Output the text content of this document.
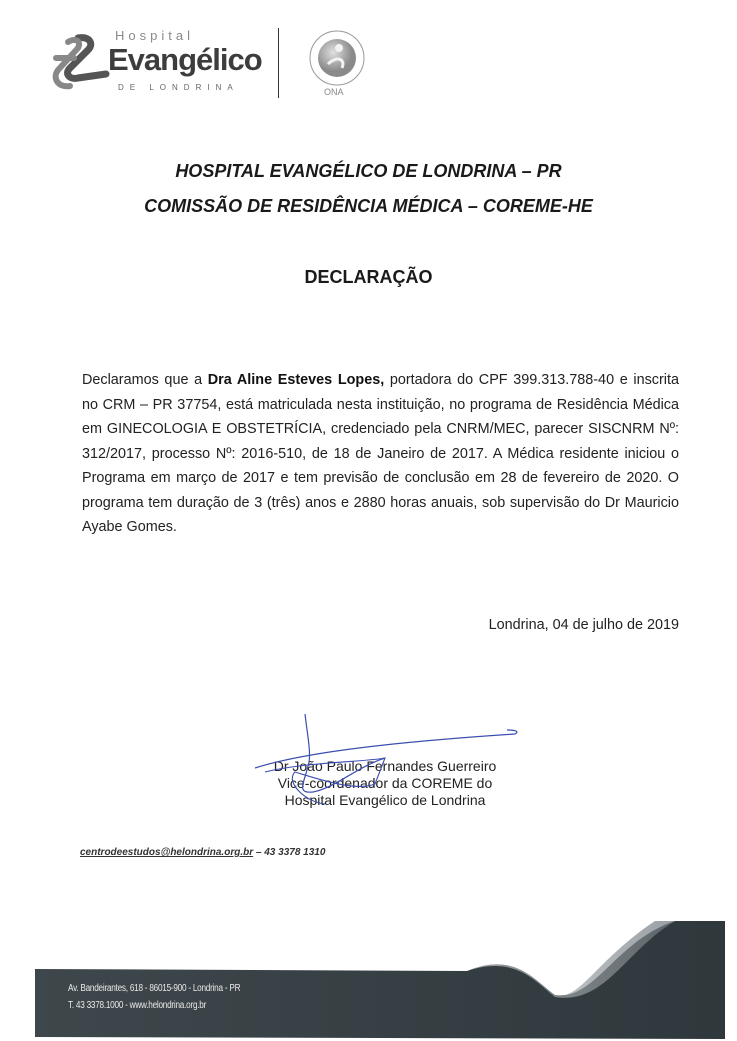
Hospital
Evangélico
DE LONDRINA	ONA
HOSPITAL EVANGÉLICO DE LONDRINA – PR
COMISSÃO DE RESIDÊNCIA MÉDICA – COREME-HE
DECLARAÇÃO
Declaramos que a Dra Aline Esteves Lopes, portadora do CPF 399.313.788-40 e inscrita no CRM – PR 37754, está matriculada nesta instituição, no programa de Residência Médica em GINECOLOGIA E OBSTETRÍCIA, credenciado pela CNRM/MEC, parecer SISCNRM Nº: 312/2017, processo Nº: 2016-510, de 18 de Janeiro de 2017. A Médica residente iniciou o Programa em março de 2017 e tem previsão de conclusão em 28 de fevereiro de 2020. O programa tem duração de 3 (três) anos e 2880 horas anuais, sob supervisão do Dr Mauricio Ayabe Gomes.
Londrina, 04 de julho de 2019
Dr João Paulo Fernandes Guerreiro
Vice-coordenador da COREME do
Hospital Evangélico de Londrina
centrodeestudos@helondrina.org.br – 43 3378 1310
Av. Bandeirantes, 618 - 86015-900 - Londrina - PR
T. 43 3378.1000 - www.helondrina.org.br
